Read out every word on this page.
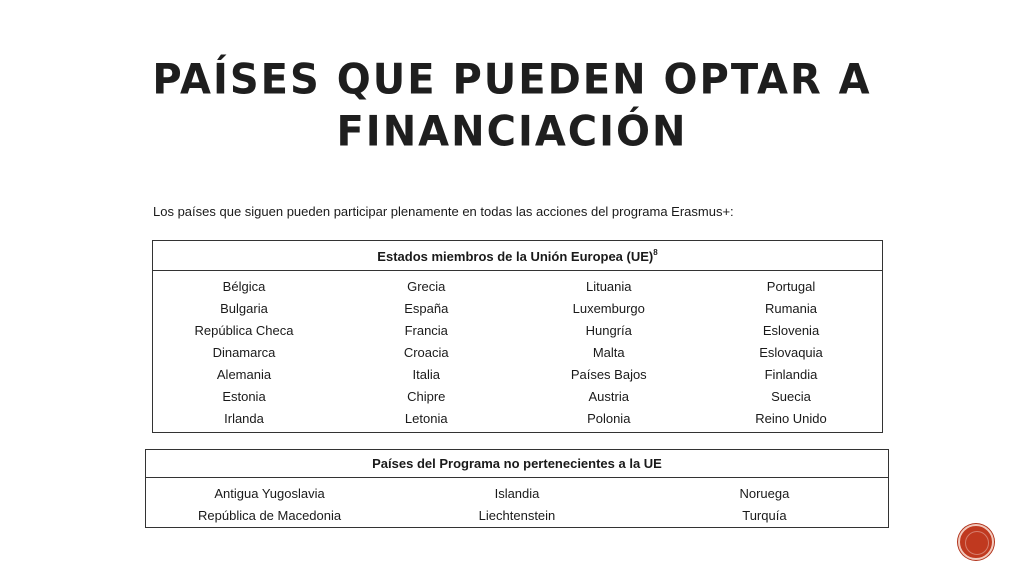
PAÍSES QUE PUEDEN OPTAR A
FINANCIACIÓN
Los países que siguen pueden participar plenamente en todas las acciones del programa Erasmus+:
Estados miembros de la Unión Europea (UE)$^8$
Bélgica	Grecia	Lituania	Portugal
Bulgaria	España	Luxemburgo	Rumania
República Checa	Francia	Hungría	Eslovenia
Dinamarca	Croacia	Malta	Eslovaquia
Alemania	Italia	Países Bajos	Finlandia
Estonia	Chipre	Austria	Suecia
Irlanda	Letonia	Polonia	Reino Unido
Países del Programa no pertenecientes a la UE		
Antigua Yugoslavia	Islandia	Noruega
República de Macedonia	Liechtenstein	Turquía
